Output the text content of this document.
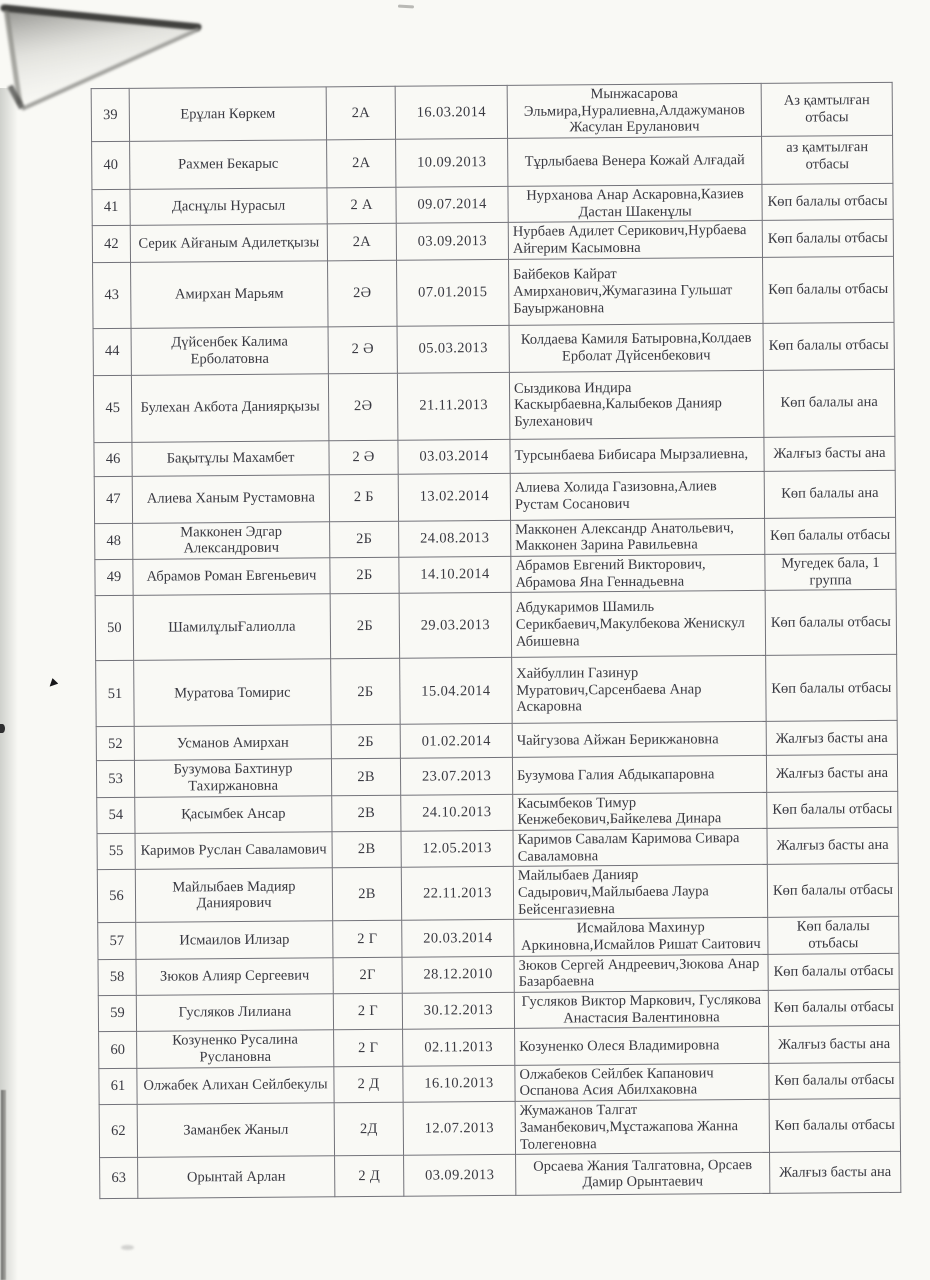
39	Ерұлан Көркем	2А	16.03.2014	Мынжасарова Эльмира,Нуралиевна,Алдажуманов Жасулан Еруланович	Аз қамтылған отбасы
40	Рахмен Бекарыс	2А	10.09.2013	Тұрлыбаева Венера Кожай Алғадай	аз қамтылған отбасы
41	Даснұлы Нурасыл	2 А	09.07.2014	Нурханова Анар Аскаровна,Казиев Дастан Шакенұлы	Көп балалы отбасы
42	Серик Айғаным Адилетқызы	2А	03.09.2013	Нурбаев Адилет Серикович,Нурбаева Айгерим Касымовна	Көп балалы отбасы
43	Амирхан Марьям	2Ә	07.01.2015	Байбеков Кайрат Амирханович,Жумагазина Гульшат Бауыржановна	Көп балалы отбасы
44	Дүйсенбек Калима Ерболатовна	2 Ә	05.03.2013	Колдаева Камиля Батыровна,Колдаев Ерболат Дүйсенбекович	Көп балалы отбасы
45	Булехан Акбота Даниярқызы	2Ә	21.11.2013	Сыздикова Индира Каскырбаевна,Калыбеков Данияр Булеханович	Көп балалы ана
46	Бақытұлы Махамбет	2 Ә	03.03.2014	Турсынбаева Бибисара Мырзалиевна,	Жалғыз басты ана
47	Алиева Ханым Рустамовна	2 Б	13.02.2014	Алиева Холида Газизовна,Алиев Рустам Сосанович	Көп балалы ана
48	Макконен Эдгар Александрович	2Б	24.08.2013	Макконен Александр Анатольевич, Макконен Зарина Равильевна	Көп балалы отбасы
49	Абрамов Роман Евгеньевич	2Б	14.10.2014	Абрамов Евгений Викторович, Абрамова Яна Геннадьевна	Мугедек бала, 1 группа
50	ШамилұлыҒалиолла	2Б	29.03.2013	Абдукаримов Шамиль Серикбаевич,Макулбекова Женискул Абишевна	Көп балалы отбасы
51	Муратова Томирис	2Б	15.04.2014	Хайбуллин Газинур Муратович,Сарсенбаева Анар Аскаровна	Көп балалы отбасы
52	Усманов Амирхан	2Б	01.02.2014	Чайгузова Айжан Берикжановна	Жалғыз басты ана
53	Бузумова Бахтинур Тахиржановна	2В	23.07.2013	Бузумова Галия Абдыкапаровна	Жалғыз басты ана
54	Қасымбек Ансар	2В	24.10.2013	Касымбеков Тимур Кенжебекович,Байкелева Динара	Көп балалы отбасы
55	Каримов Руслан Саваламович	2В	12.05.2013	Каримов Савалам Каримова Сивара Саваламовна	Жалғыз басты ана
56	Майлыбаев Мадияр Даниярович	2В	22.11.2013	Майлыбаев Данияр Садырович,Майлыбаева Лаура Бейсенгазиевна	Көп балалы отбасы
57	Исмаилов Илизар	2 Г	20.03.2014	Исмайлова Махинур Аркиновна,Исмайлов Ришат Саитович	Көп балалы отьбасы
58	Зюков Алияр Сергеевич	2Г	28.12.2010	Зюков Сергей Андреевич,Зюкова Анар Базарбаевна	Көп балалы отбасы
59	Гусляков Лилиана	2 Г	30.12.2013	Гусляков Виктор Маркович, Гуслякова Анастасия Валентиновна	Көп балалы отбасы
60	Козуненко Русалина Руслановна	2 Г	02.11.2013	Козуненко Олеся Владимировна	Жалғыз басты ана
61	Олжабек Алихан Сейлбекулы	2 Д	16.10.2013	Олжабеков Сейлбек Капанович Оспанова Асия Абилхаковна	Көп балалы отбасы
62	Заманбек Жаныл	2Д	12.07.2013	Жумажанов Талгат Заманбекович,Мұстажапова Жанна Толегеновна	Көп балалы отбасы
63	Орынтай Арлан	2 Д	03.09.2013	Орсаева Жания Талгатовна, Орсаев Дамир Орынтаевич	Жалғыз басты ана
